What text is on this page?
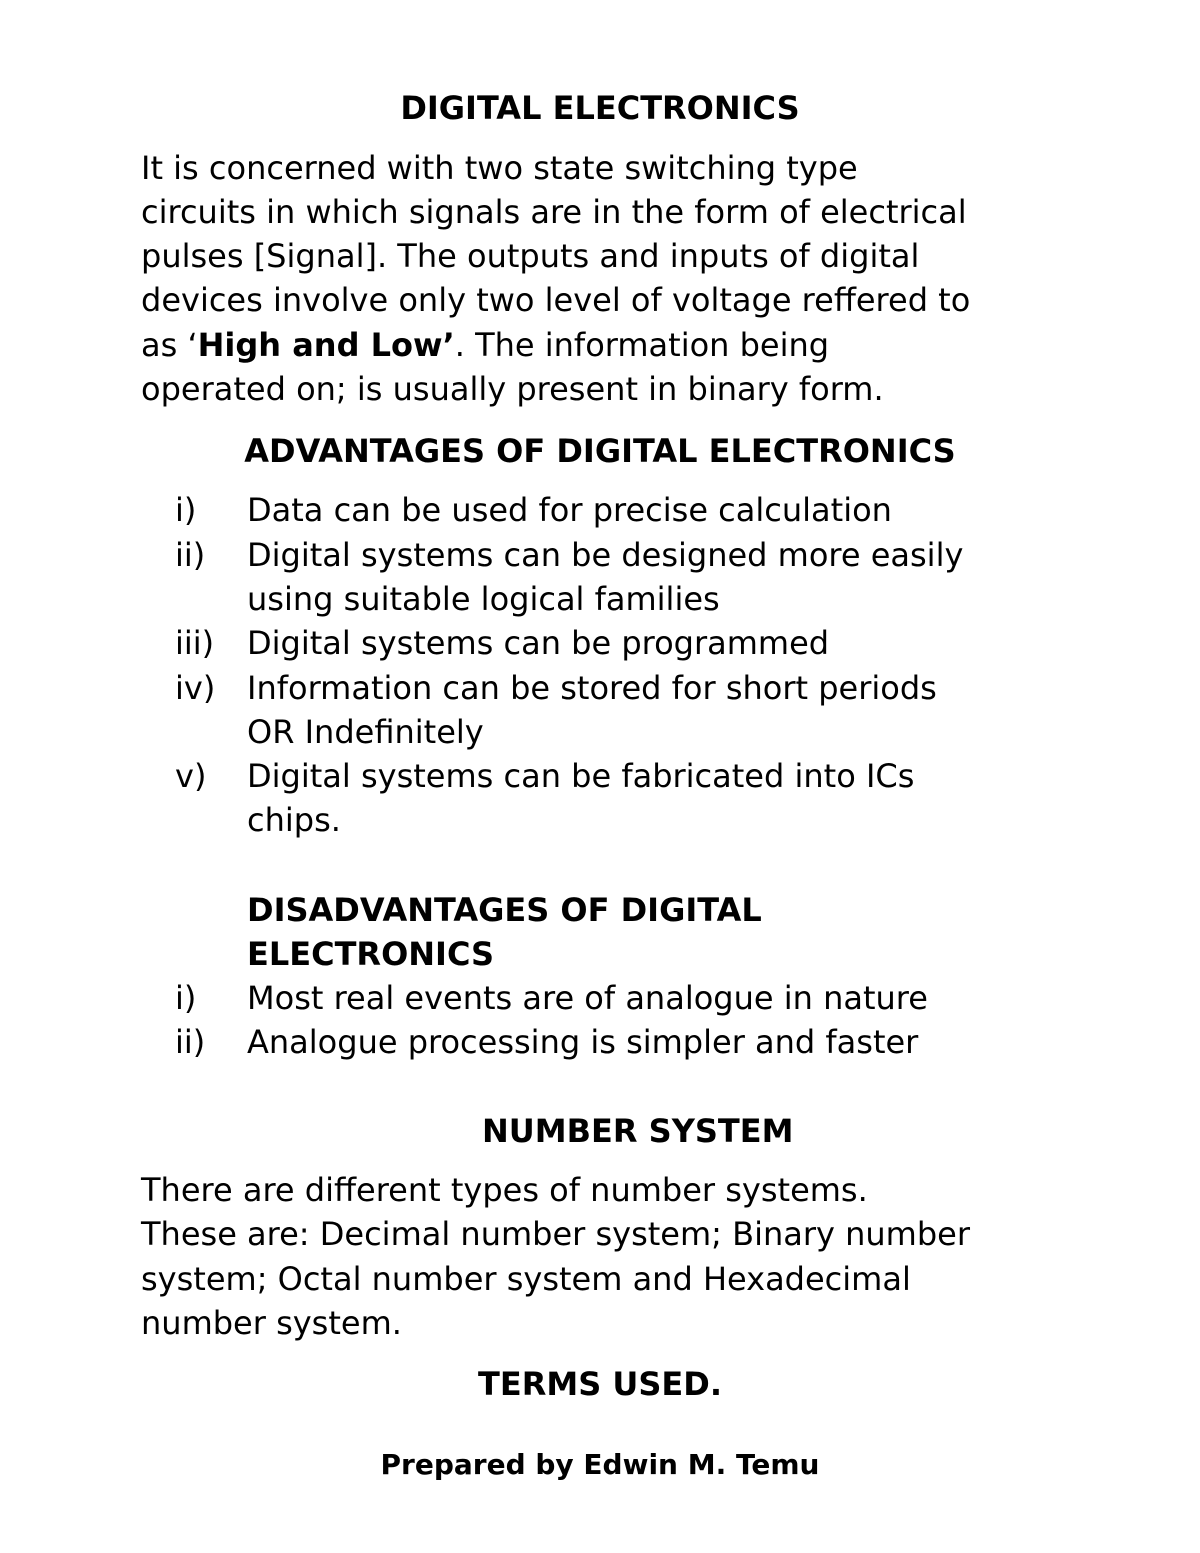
DIGITAL ELECTRONICS
It is concerned with two state switching type
circuits in which signals are in the form of electrical
pulses [Signal]. The outputs and inputs of digital
devices involve only two level of voltage reffered to
as ‘High and Low’. The information being
operated on; is usually present in binary form.
ADVANTAGES OF DIGITAL ELECTRONICS
i) Data can be used for precise calculation
ii) Digital systems can be designed more easily
using suitable logical families
iii) Digital systems can be programmed
iv) Information can be stored for short periods
OR Indefinitely
v) Digital systems can be fabricated into ICs
chips.
DISADVANTAGES OF DIGITAL
ELECTRONICS
i) Most real events are of analogue in nature
ii) Analogue processing is simpler and faster
NUMBER SYSTEM
There are different types of number systems.
These are: Decimal number system; Binary number
system; Octal number system and Hexadecimal
number system.
TERMS USED.
Prepared by Edwin M. Temu
